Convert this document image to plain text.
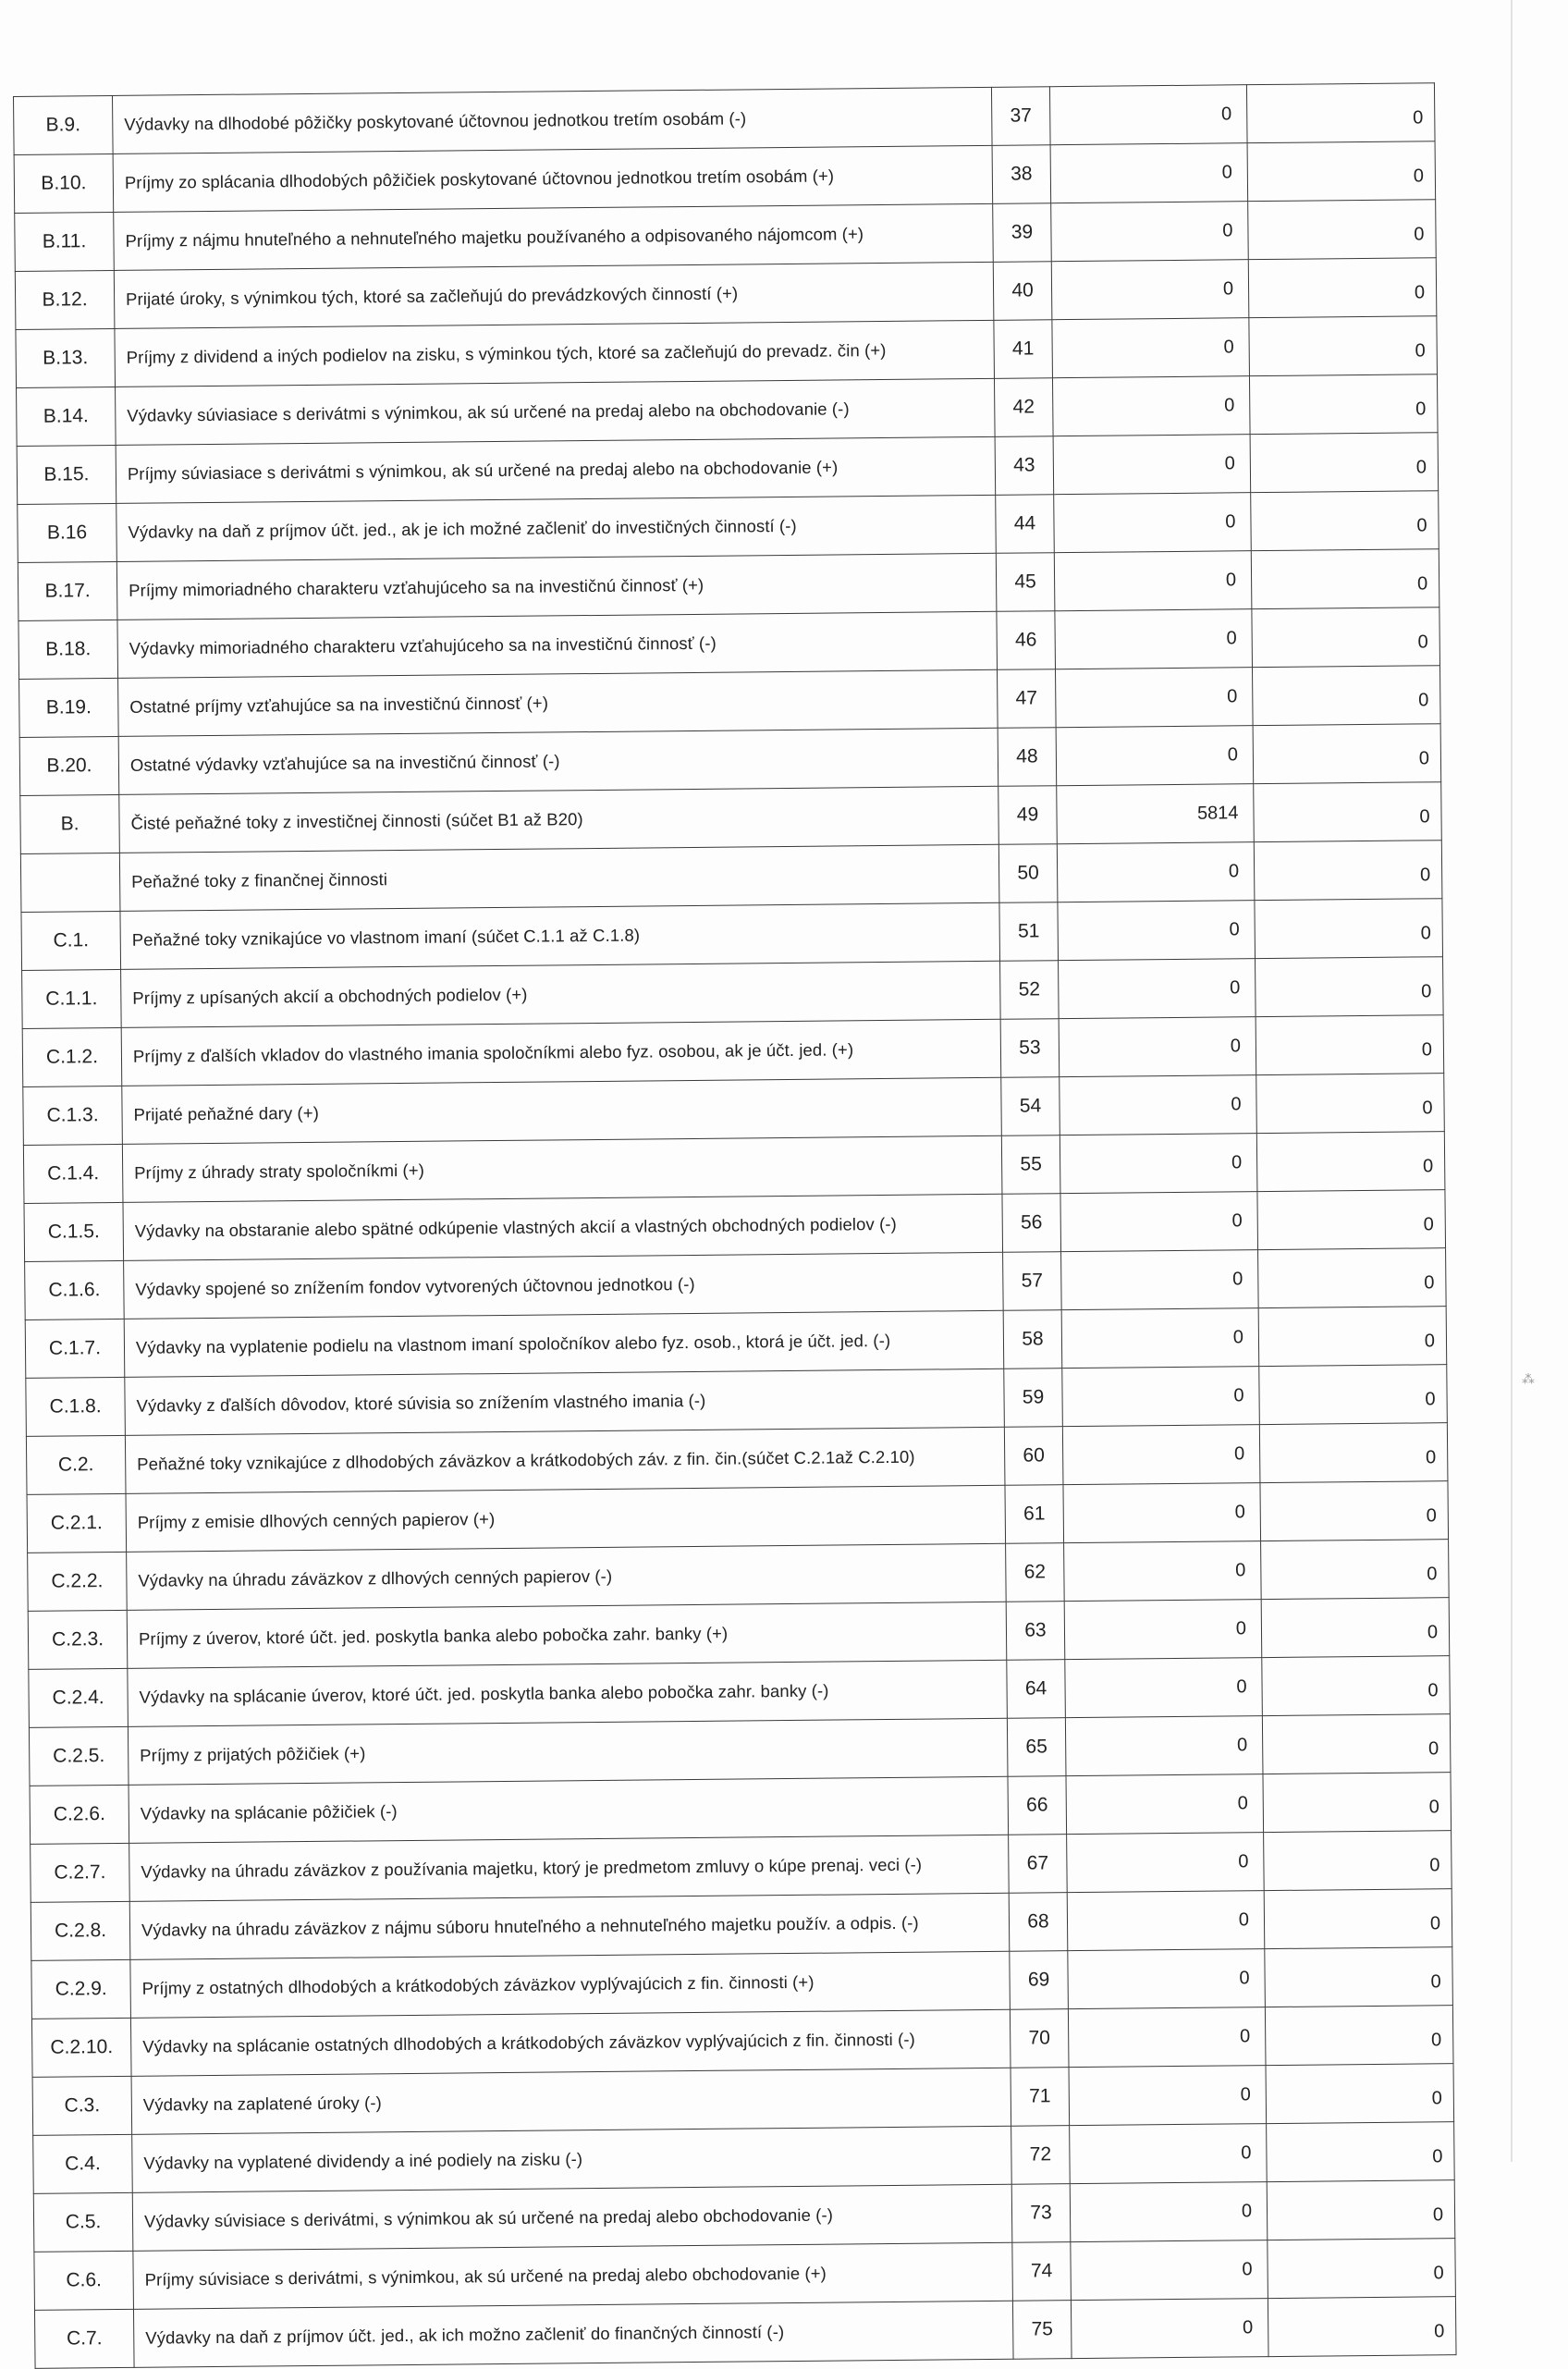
⁂
B.9.	Výdavky na dlhodobé pôžičky poskytované účtovnou jednotkou tretím osobám (-)	37	0	0
B.10.	Príjmy zo splácania dlhodobých pôžičiek poskytované účtovnou jednotkou tretím osobám (+)	38	0	0
B.11.	Príjmy z nájmu hnuteľného a nehnuteľného majetku používaného a odpisovaného nájomcom (+)	39	0	0
B.12.	Prijaté úroky, s výnimkou tých, ktoré sa začleňujú do prevádzkových činností (+)	40	0	0
B.13.	Príjmy z dividend a iných podielov na zisku, s výminkou tých, ktoré sa začleňujú do prevadz. čin (+)	41	0	0
B.14.	Výdavky súviasiace s derivátmi s výnimkou, ak sú určené na predaj alebo na obchodovanie (-)	42	0	0
B.15.	Príjmy súviasiace s derivátmi s výnimkou, ak sú určené na predaj alebo na obchodovanie (+)	43	0	0
B.16	Výdavky na daň z príjmov účt. jed., ak je ich možné začleniť do investičných činností (-)	44	0	0
B.17.	Príjmy mimoriadného charakteru vzťahujúceho sa na investičnú činnosť (+)	45	0	0
B.18.	Výdavky mimoriadného charakteru vzťahujúceho sa na investičnú činnosť (-)	46	0	0
B.19.	Ostatné príjmy vzťahujúce sa na investičnú činnosť (+)	47	0	0
B.20.	Ostatné výdavky vzťahujúce sa na investičnú činnosť (-)	48	0	0
B.	Čisté peňažné toky z investičnej činnosti (súčet B1 až B20)	49	5814	0
	Peňažné toky z finančnej činnosti	50	0	0
C.1.	Peňažné toky vznikajúce vo vlastnom imaní (súčet C.1.1 až C.1.8)	51	0	0
C.1.1.	Príjmy z upísaných akcií a obchodných podielov (+)	52	0	0
C.1.2.	Príjmy z ďalších vkladov do vlastného imania spoločníkmi alebo fyz. osobou, ak je účt. jed. (+)	53	0	0
C.1.3.	Prijaté peňažné dary (+)	54	0	0
C.1.4.	Príjmy z úhrady straty spoločníkmi (+)	55	0	0
C.1.5.	Výdavky na obstaranie alebo spätné odkúpenie vlastných akcií a vlastných obchodných podielov (-)	56	0	0
C.1.6.	Výdavky spojené so znížením fondov vytvorených účtovnou jednotkou (-)	57	0	0
C.1.7.	Výdavky na vyplatenie podielu na vlastnom imaní spoločníkov alebo fyz. osob., ktorá je účt. jed. (-)	58	0	0
C.1.8.	Výdavky z ďalších dôvodov, ktoré súvisia so znížením vlastného imania (-)	59	0	0
C.2.	Peňažné toky vznikajúce z dlhodobých záväzkov a krátkodobých záv. z fin. čin.(súčet C.2.1až C.2.10)	60	0	0
C.2.1.	Príjmy z emisie dlhových cenných papierov (+)	61	0	0
C.2.2.	Výdavky na úhradu záväzkov z dlhových cenných papierov (-)	62	0	0
C.2.3.	Príjmy z úverov, ktoré účt. jed. poskytla banka alebo pobočka zahr. banky (+)	63	0	0
C.2.4.	Výdavky na splácanie úverov, ktoré účt. jed. poskytla banka alebo pobočka zahr. banky (-)	64	0	0
C.2.5.	Príjmy z prijatých pôžičiek (+)	65	0	0
C.2.6.	Výdavky na splácanie pôžičiek (-)	66	0	0
C.2.7.	Výdavky na úhradu záväzkov z používania majetku, ktorý je predmetom zmluvy o kúpe prenaj. veci (-)	67	0	0
C.2.8.	Výdavky na úhradu záväzkov z nájmu súboru hnuteľného a nehnuteľného majetku použív. a odpis. (-)	68	0	0
C.2.9.	Príjmy z ostatných dlhodobých a krátkodobých záväzkov vyplývajúcich z fin. činnosti (+)	69	0	0
C.2.10.	Výdavky na splácanie ostatných dlhodobých a krátkodobých záväzkov vyplývajúcich z fin. činnosti (-)	70	0	0
C.3.	Výdavky na zaplatené úroky (-)	71	0	0
C.4.	Výdavky na vyplatené dividendy a iné podiely na zisku (-)	72	0	0
C.5.	Výdavky súvisiace s derivátmi, s výnimkou ak sú určené na predaj alebo obchodovanie (-)	73	0	0
C.6.	Príjmy súvisiace s derivátmi, s výnimkou, ak sú určené na predaj alebo obchodovanie (+)	74	0	0
C.7.	Výdavky na daň z príjmov účt. jed., ak ich možno začleniť do finančných činností (-)	75	0	0
